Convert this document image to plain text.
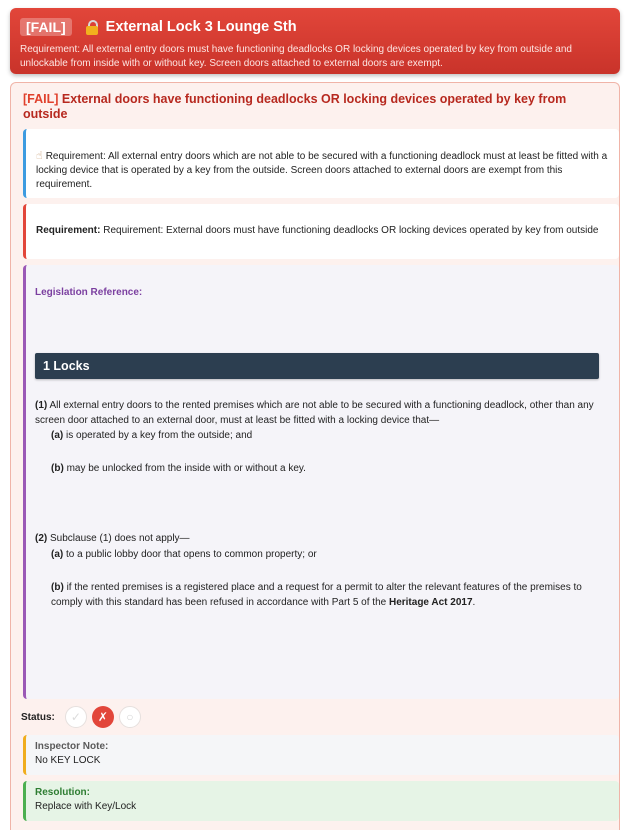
[FAIL]	External Lock 3 Lounge Sth
Requirement: All external entry doors must have functioning deadlocks OR locking devices operated by key from outside and unlockable from inside with or without key. Screen doors attached to external doors are exempt.
[FAIL] External doors have functioning deadlocks OR locking devices operated by key from outside
☝ Requirement: All external entry doors which are not able to be secured with a functioning deadlock must at least be fitted with a locking device that is operated by a key from the outside. Screen doors attached to external doors are exempt from this requirement.
Requirement: Requirement: External doors must have functioning deadlocks OR locking devices operated by key from outside
Legislation Reference:
1 Locks
(1) All external entry doors to the rented premises which are not able to be secured with a functioning deadlock, other than any screen door attached to an external door, must at least be fitted with a locking device that—
(a) is operated by a key from the outside; and
(b) may be unlocked from the inside with or without a key.
(2) Subclause (1) does not apply—
(a) to a public lobby door that opens to common property; or
(b) if the rented premises is a registered place and a request for a permit to alter the relevant features of the premises to comply with this standard has been refused in accordance with Part 5 of the Heritage Act 2017.
Status:	✓	✗	○
Inspector Note:
No KEY LOCK
Resolution:
Replace with Key/Lock
